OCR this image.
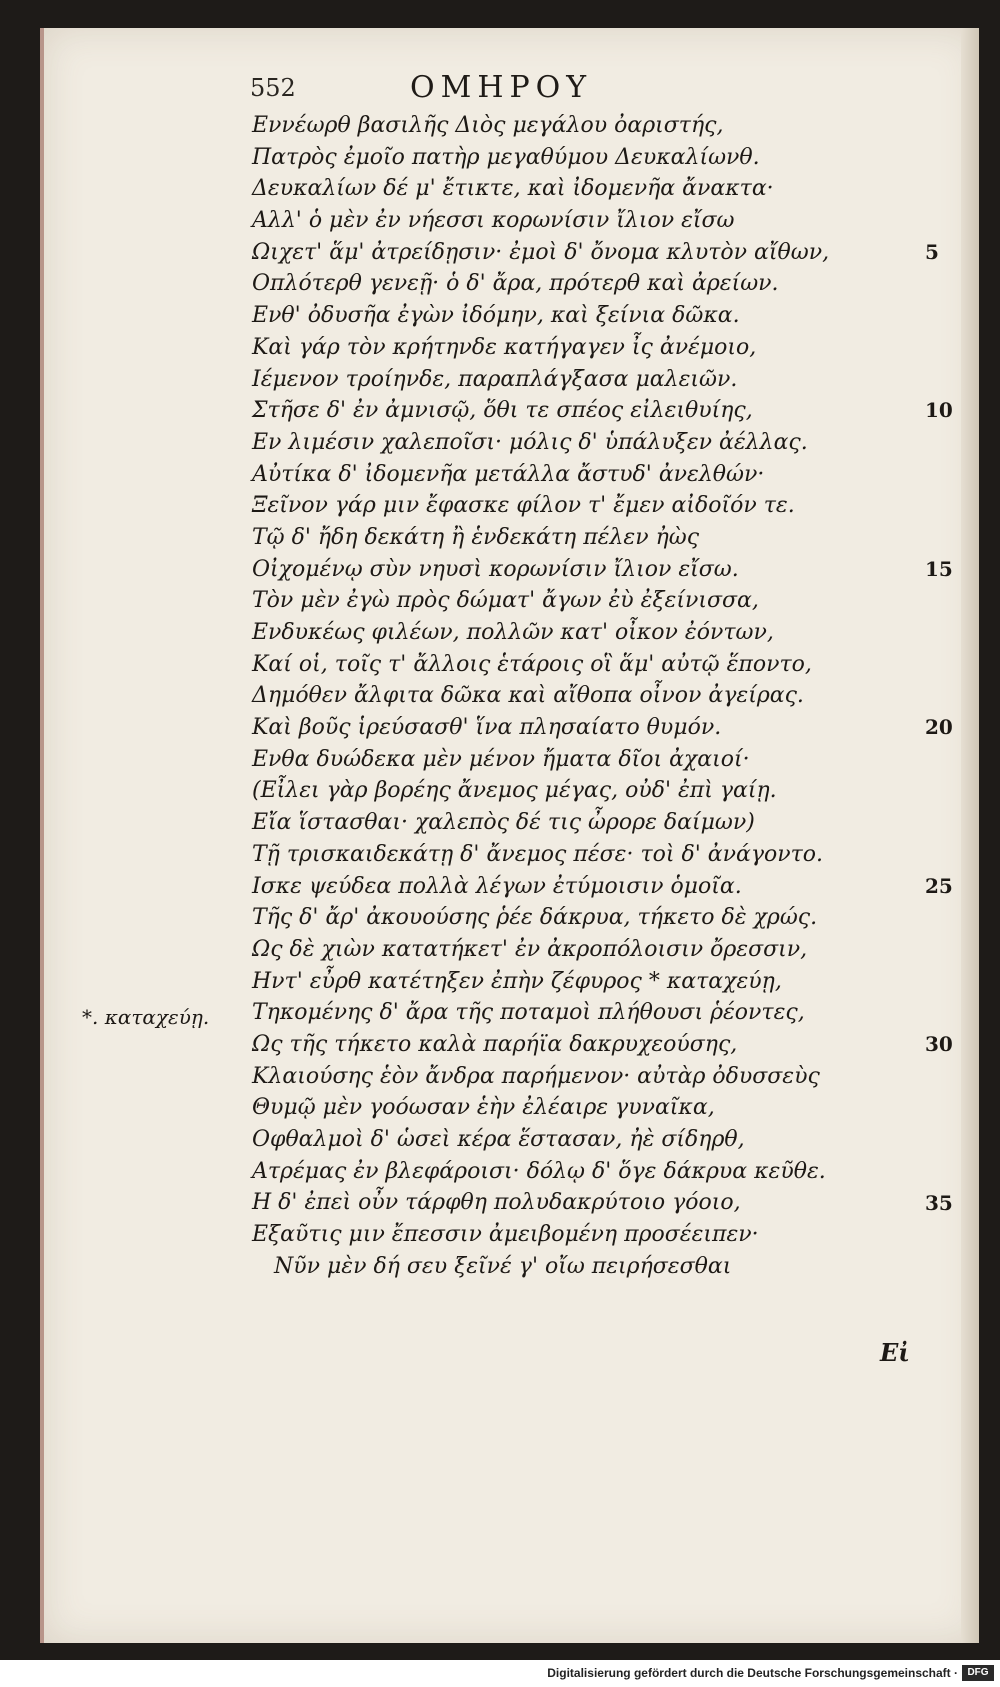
552	ΟΜΗΡΟΥ
Εννέωρθ βασιλῆς Διὸς μεγάλου ὀαριστής,
Πατρὸς ἐμοῖο πατὴρ μεγαθύμου Δευκαλίωνθ.
Δευκαλίων δέ μ' ἔτικτε, καὶ ἰδομενῆα ἄνακτα·
Αλλ' ὁ μὲν ἐν νήεσσι κορωνίσιν ἴλιον εἴσω
Ωιχετ' ἅμ' ἀτρείδῃσιν· ἐμοὶ δ' ὄνομα κλυτὸν αἴθων,
Οπλότερθ γενεῇ· ὁ δ' ἄρα, πρότερθ καὶ ἀρείων.
Ενθ' ὀδυσῆα ἐγὼν ἰδόμην, καὶ ξείνια δῶκα.
Καὶ γάρ τὸν κρήτηνδε κατήγαγεν ἶς ἀνέμοιο,
Ιέμενον τροίηνδε, παραπλάγξασα μαλειῶν.
Στῆσε δ' ἐν ἀμνισῷ, ὅθι τε σπέος εἰλειθυίης,
Εν λιμέσιν χαλεποῖσι· μόλις δ' ὑπάλυξεν ἀέλλας.
Αὐτίκα δ' ἰδομενῆα μετάλλα ἄστυδ' ἀνελθών·
Ξεῖνον γάρ μιν ἔφασκε φίλον τ' ἔμεν αἰδοῖόν τε.
Τῷ δ' ἤδη δεκάτη ἢ ἑνδεκάτη πέλεν ἠὼς
Οἰχομένῳ σὺν νηυσὶ κορωνίσιν ἴλιον εἴσω.
Τὸν μὲν ἐγὼ πρὸς δώματ' ἄγων ἐὺ ἐξείνισσα,
Ενδυκέως φιλέων, πολλῶν κατ' οἶκον ἐόντων,
Καί οἱ, τοῖς τ' ἄλλοις ἑτάροις οἳ ἅμ' αὐτῷ ἕποντο,
Δημόθεν ἄλφιτα δῶκα καὶ αἴθοπα οἶνον ἀγείρας.
Καὶ βοῦς ἱρεύσασθ' ἵνα πλησαίατο θυμόν.
Ενθα δυώδεκα μὲν μένον ἤματα δῖοι ἀχαιοί·
(Εἶλει γὰρ βορέης ἄνεμος μέγας, οὐδ' ἐπὶ γαίῃ.
Εἴα ἵστασθαι· χαλεπὸς δέ τις ὦρορε δαίμων)
Τῇ τρισκαιδεκάτῃ δ' ἄνεμος πέσε· τοὶ δ' ἀνάγοντο.
Ισκε ψεύδεα πολλὰ λέγων ἐτύμοισιν ὁμοῖα.
Τῆς δ' ἄρ' ἀκουούσης ῥέε δάκρυα, τήκετο δὲ χρώς.
Ως δὲ χιὼν κατατήκετ' ἐν ἀκροπόλοισιν ὄρεσσιν,
Ηντ' εὖρθ κατέτηξεν ἐπὴν ζέφυρος * καταχεύῃ,
Τηκομένης δ' ἄρα τῆς ποταμοὶ πλήθουσι ῥέοντες,
Ως τῆς τήκετο καλὰ παρήϊα δακρυχεούσης,
Κλαιούσης ἑὸν ἄνδρα παρήμενον· αὐτὰρ ὀδυσσεὺς
Θυμῷ μὲν γοόωσαν ἑὴν ἐλέαιρε γυναῖκα,
Οφθαλμοὶ δ' ὡσεὶ κέρα ἕστασαν, ἠὲ σίδηρθ,
Ατρέμας ἐν βλεφάροισι· δόλῳ δ' ὅγε δάκρυα κεῦθε.
Η δ' ἐπεὶ οὖν τάρφθη πολυδακρύτοιο γόοιο,
Εξαῦτις μιν ἔπεσσιν ἀμειβομένη προσέειπεν·
Νῦν μὲν δή σευ ξεῖνέ γ' οἴω πειρήσεσθαι
5
10
15
20
25
30
35
*. καταχεύῃ.
Εἰ
Digitalisierung gefördert durch die Deutsche Forschungsgemeinschaft · DFG
